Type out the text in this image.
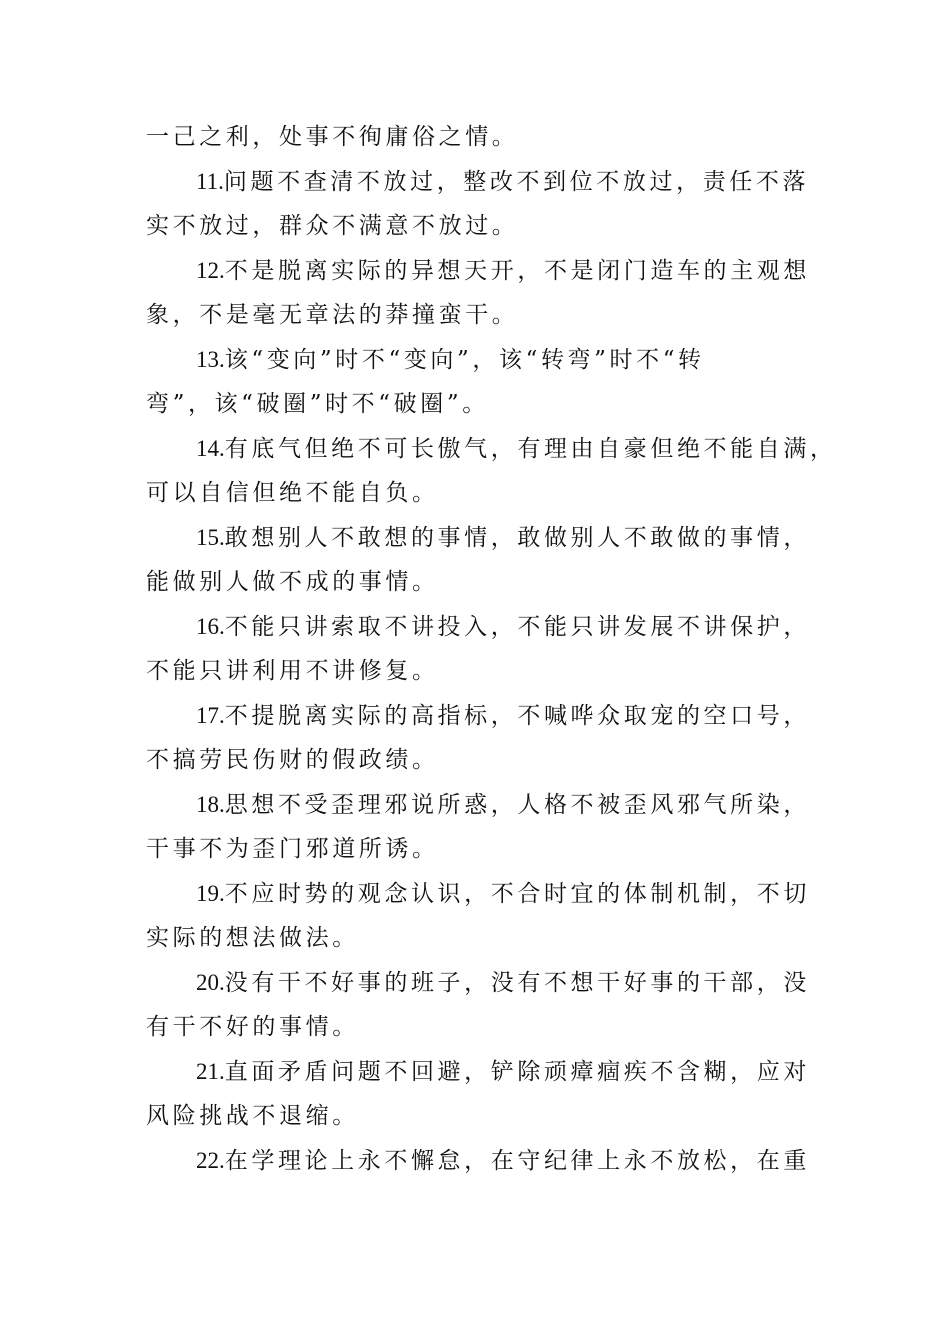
一己之利，处事不徇庸俗之情。
11.问题不查清不放过，整改不到位不放过，责任不落
实不放过，群众不满意不放过。
12.不是脱离实际的异想天开，不是闭门造车的主观想
象，不是毫无章法的莽撞蛮干。
13.该“变向”时不“变向”，该“转弯”时不“转
弯”，该“破圈”时不“破圈”。
14.有底气但绝不可长傲气，有理由自豪但绝不能自满，
可以自信但绝不能自负。
15.敢想别人不敢想的事情，敢做别人不敢做的事情，
能做别人做不成的事情。
16.不能只讲索取不讲投入，不能只讲发展不讲保护，
不能只讲利用不讲修复。
17.不提脱离实际的高指标，不喊哗众取宠的空口号，
不搞劳民伤财的假政绩。
18.思想不受歪理邪说所惑，人格不被歪风邪气所染，
干事不为歪门邪道所诱。
19.不应时势的观念认识，不合时宜的体制机制，不切
实际的想法做法。
20.没有干不好事的班子，没有不想干好事的干部，没
有干不好的事情。
21.直面矛盾问题不回避，铲除顽瘴痼疾不含糊，应对
风险挑战不退缩。
22.在学理论上永不懈怠，在守纪律上永不放松，在重
